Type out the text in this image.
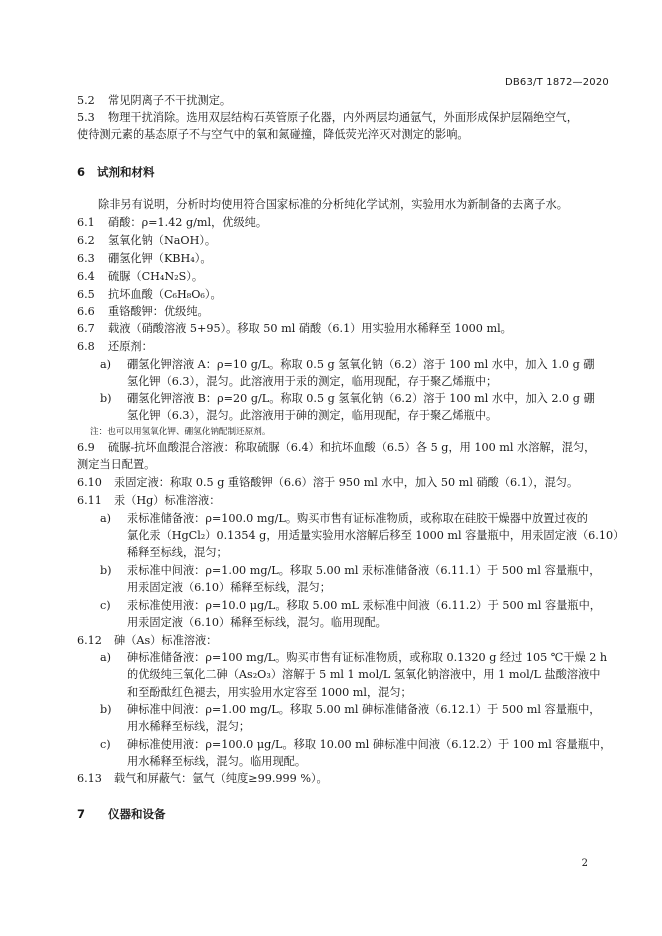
DB63/T 1872—2020
5.2 常见阴离子不干扰测定。
5.3 物理干扰消除。选用双层结构石英管原子化器，内外两层均通氩气，外面形成保护层隔绝空气，
使待测元素的基态原子不与空气中的氧和氮碰撞，降低荧光淬灭对测定的影响。
6 试剂和材料
除非另有说明，分析时均使用符合国家标准的分析纯化学试剂，实验用水为新制备的去离子水。
6.1 硝酸：ρ=1.42 g/ml，优级纯。
6.2 氢氧化钠（NaOH）。
6.3 硼氢化钾（KBH₄）。
6.4 硫脲（CH₄N₂S）。
6.5 抗坏血酸（C₆H₈O₆）。
6.6 重铬酸钾：优级纯。
6.7 载液（硝酸溶液 5+95）。移取 50 ml 硝酸（6.1）用实验用水稀释至 1000 ml。
6.8 还原剂：
a) 硼氢化钾溶液 A：ρ=10 g/L。称取 0.5 g 氢氧化钠（6.2）溶于 100 ml 水中，加入 1.0 g 硼
氢化钾（6.3），混匀。此溶液用于汞的测定，临用现配，存于聚乙烯瓶中；
b) 硼氢化钾溶液 B：ρ=20 g/L。称取 0.5 g 氢氧化钠（6.2）溶于 100 ml 水中，加入 2.0 g 硼
氢化钾（6.3），混匀。此溶液用于砷的测定，临用现配，存于聚乙烯瓶中。
注：也可以用氢氧化钾、硼氢化钠配制还原剂。
6.9 硫脲-抗坏血酸混合溶液：称取硫脲（6.4）和抗坏血酸（6.5）各 5 g，用 100 ml 水溶解，混匀，
测定当日配置。
6.10 汞固定液：称取 0.5 g 重铬酸钾（6.6）溶于 950 ml 水中，加入 50 ml 硝酸（6.1），混匀。
6.11 汞（Hg）标准溶液：
a) 汞标准储备液：ρ=100.0 mg/L。购买市售有证标准物质，或称取在硅胶干燥器中放置过夜的
氯化汞（HgCl₂）0.1354 g，用适量实验用水溶解后移至 1000 ml 容量瓶中，用汞固定液（6.10）
稀释至标线，混匀；
b) 汞标准中间液：ρ=1.00 mg/L。移取 5.00 ml 汞标准储备液（6.11.1）于 500 ml 容量瓶中，
用汞固定液（6.10）稀释至标线，混匀；
c) 汞标准使用液：ρ=10.0 μg/L。移取 5.00 mL 汞标准中间液（6.11.2）于 500 ml 容量瓶中，
用汞固定液（6.10）稀释至标线，混匀。临用现配。
6.12 砷（As）标准溶液：
a) 砷标准储备液：ρ=100 mg/L。购买市售有证标准物质，或称取 0.1320 g 经过 105 ℃干燥 2 h
的优级纯三氧化二砷（As₂O₃）溶解于 5 ml 1 mol/L 氢氧化钠溶液中，用 1 mol/L 盐酸溶液中
和至酚酞红色褪去，用实验用水定容至 1000 ml，混匀；
b) 砷标准中间液：ρ=1.00 mg/L。移取 5.00 ml 砷标准储备液（6.12.1）于 500 ml 容量瓶中，
用水稀释至标线，混匀；
c) 砷标准使用液：ρ=100.0 μg/L。移取 10.00 ml 砷标准中间液（6.12.2）于 100 ml 容量瓶中，
用水稀释至标线，混匀。临用现配。
6.13 载气和屏蔽气：氩气（纯度≥99.999 %）。
7 仪器和设备
2
